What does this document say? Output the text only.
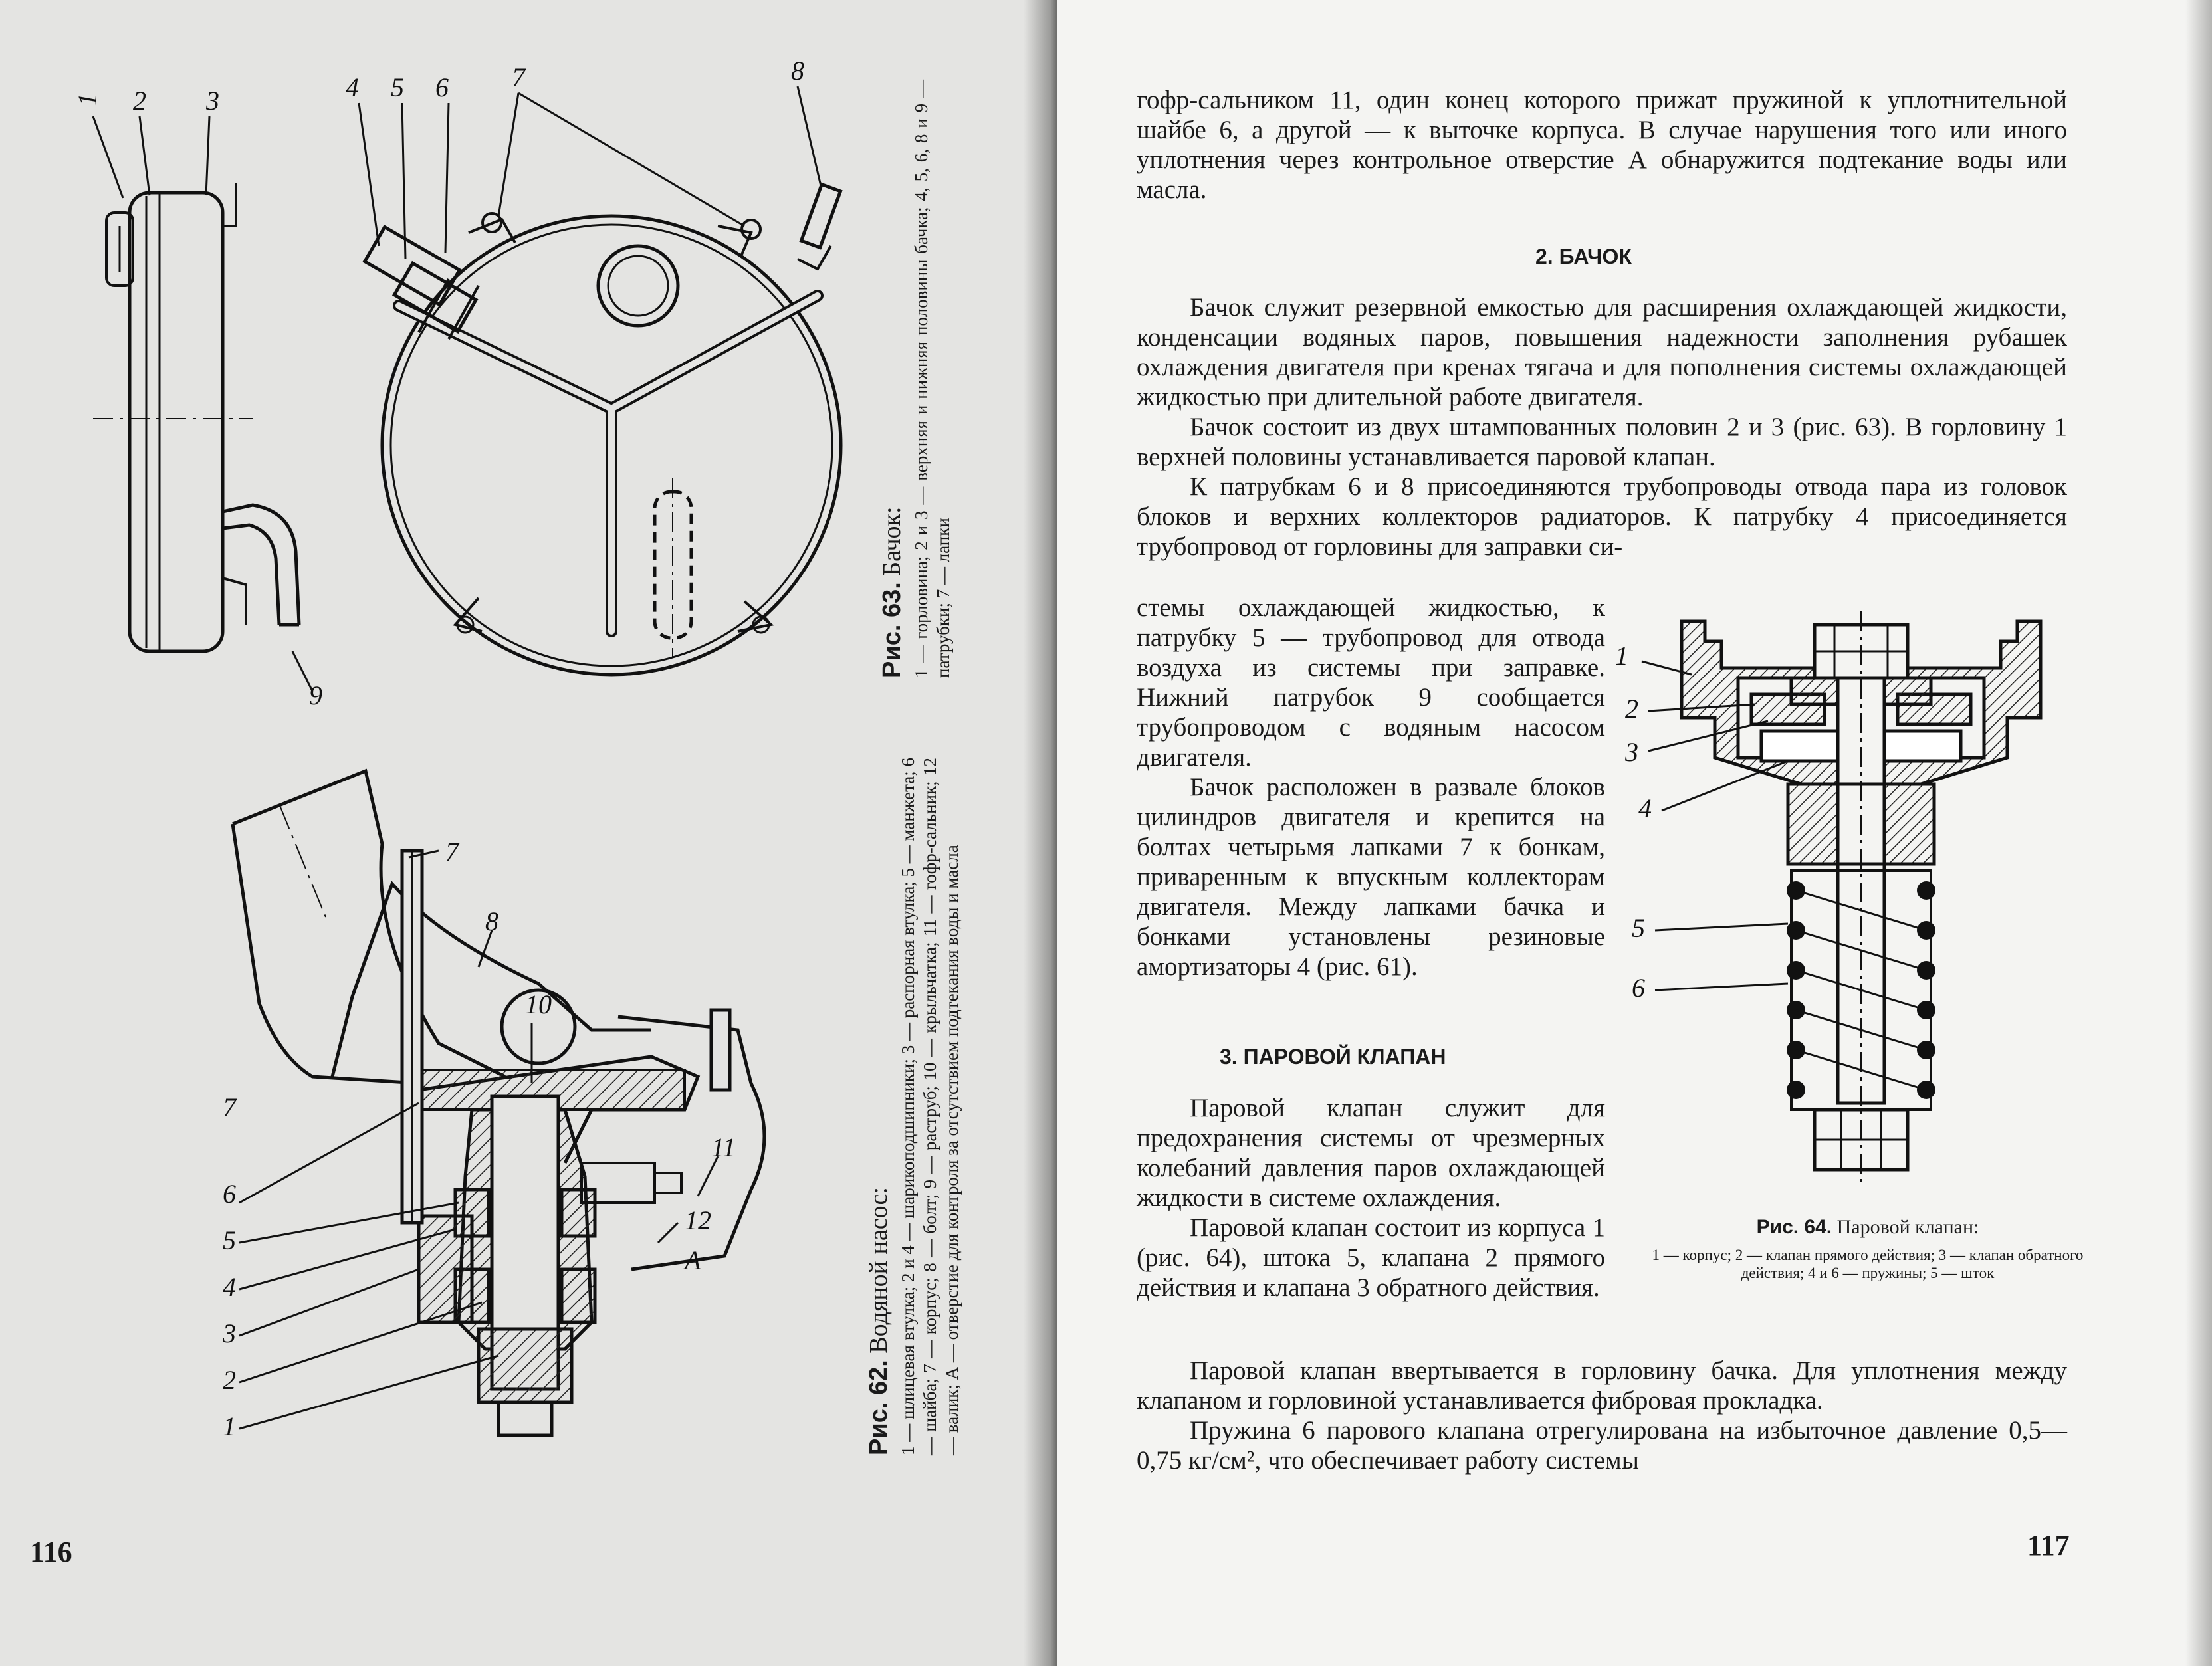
1 2 3
9
4 5 6 7	8
Рис. 63. Бачок: 1 — горловина; 2 и 3 — верхняя и нижняя половины бачка; 4, 5, 6, 8 и 9 — патрубки; 7 — лапки
7
8
10
11
12
А
7
6
5
4
3
2
1	Рис. 62. Водяной насос: 1 — шлицевая втулка; 2 и 4 — шарикоподшипники; 3 — распорная втулка; 5 — манжета; 6 — шайба; 7 — корпус; 8 — болт; 9 — раструб; 10 — крыльчатка; 11 — гофр-сальник; 12 — валик; А — отверстие для контроля за отсутствием подтекания воды и масла
116

гофр-сальником 11, один конец которого прижат пружиной к уплотнительной шайбе 6, а другой — к выточке корпуса. В случае нарушения того или иного уплотнения через контрольное отверстие А обнаружится подтекание воды или масла.

2. БАЧОК

Бачок служит резервной емкостью для расширения охлаждающей жидкости, конденсации водяных паров, повышения надежности заполнения рубашек охлаждения двигателя при кренах тягача и для пополнения системы охлаждающей жидкостью при длительной работе двигателя.

Бачок состоит из двух штампованных половин 2 и 3 (рис. 63). В горловину 1 верхней половины устанавливается паровой клапан.

К патрубкам 6 и 8 присоединяются трубопроводы отвода пара из головок блоков и верхних коллекторов радиаторов. К патрубку 4 присоединяется трубопровод от горловины для заправки си-

стемы охлаждающей жидкостью, к патрубку 5 — трубопровод для отвода воздуха из системы при заправке. Нижний патрубок 9 сообщается трубопроводом с водяным насосом двигателя.

Бачок расположен в развале блоков цилиндров двигателя и крепится на болтах четырьмя лапками 7 к бонкам, приваренным к впускным коллекторам двигателя. Между лапками бачка и бонками установлены резиновые амортизаторы 4 (рис. 61).

3. ПАРОВОЙ КЛАПАН

Паровой клапан служит для предохранения системы от чрезмерных колебаний давления паров охлаждающей жидкости в системе охлаждения.

Паровой клапан состоит из корпуса 1 (рис. 64), штока 5, клапана 2 прямого действия и клапана 3 обратного действия.

Паровой клапан ввертывается в горловину бачка. Для уплотнения между клапаном и горловиной устанавливается фибровая прокладка.

Пружина 6 парового клапана отрегулирована на избыточное давление 0,5—0,75 кг/см², что обеспечивает работу системы

1
2
3
4
5
6
Рис. 64. Паровой клапан:
1 — корпус; 2 — клапан прямого действия; 3 — клапан обратного действия; 4 и 6 — пружины; 5 — шток
117
